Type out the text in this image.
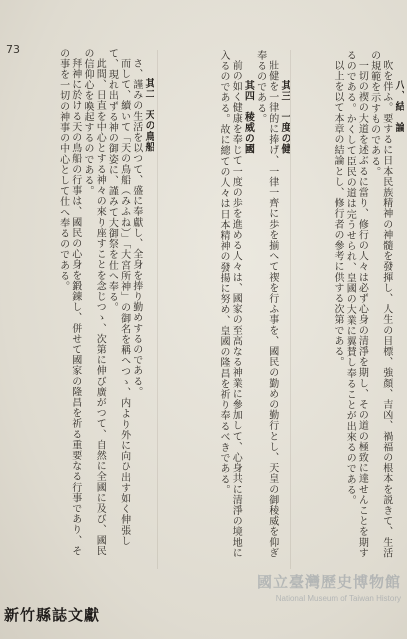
73

其二　天の鳥船

さ、謹みの生活を以つて、盛に奉獻し、全身を捧り勤めするのである。

而して、續いて「天の鳥船（みふね）」「大宮所神」の御名を稱へつゝ、内より外に向ひ出す如く伸張して、現れ出ずる神の御姿に、謹みて大御祭を仕へ奉る。

此間、日直を中心とする神々の來り座すことを念じつゝ、次第に伸び廣がつて、自然に全國に及び、國民の信仰心を喚起するのである。

拜神に於ける天の鳥船の行事は、國民の心身を鍛錬し、併せて國家の隆昌を祈る重要なる行事であり、その事を一切の神事の中心として仕へ奉るのである。	其三　一度の健

壯健を一律的に捧げ、一律一齊に歩を揃へて禊を行ふ事を、國民の勤めの勤行とし、天皇の御稜威を仰ぎ奉るのである。

其四　稜威の國

前の如く健康を奉じて一度の歩を進める人々は、國家の至高なる神業に參加して、心身共に清淨の境地に入るのである。故に總ての人々は日本精神の發揚に努め、皇國の隆昌を祈り奉るべきである。	八、結　論

吹を伴ふ。要するに日本民族精神の神髓を發揮し、人生の目標、強顏、吉凶、禍福の根本を説きて、生活の規範を示すものである。

一切の禊の大道を述ぶるに當り、修行の人々は必ず心身の清淨を期し、その道の極致に達せんことを期するのである。かくして臣民の道は完うせられ、皇國の大業に翼賛し奉ることが出來るのである。

以上を以て本章の結論とし、修行者の參考に供する次第である。

新竹縣誌文獻
國立臺灣歷史博物館
National Museum of Taiwan History
